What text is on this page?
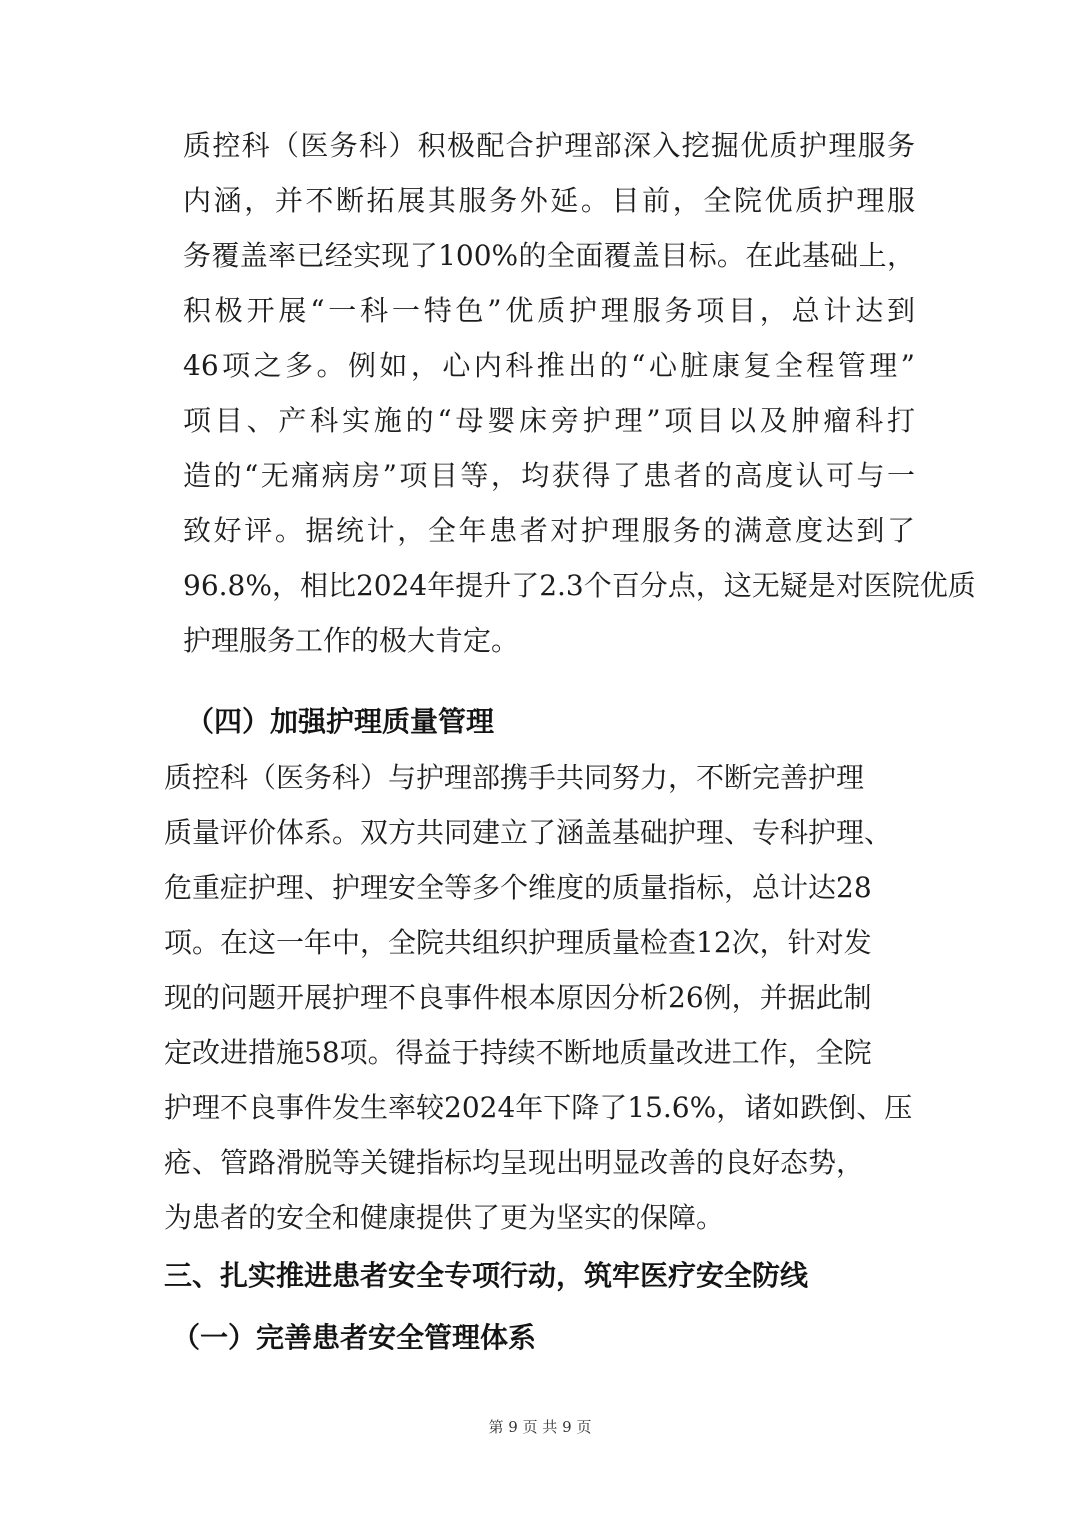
质控科（医务科）积极配合护理部深入挖掘优质护理服务
内涵，并不断拓展其服务外延。目前，全院优质护理服
务覆盖率已经实现了100%的全面覆盖目标。在此基础上，
积极开展“一科一特色”优质护理服务项目，总计达到
46项之多。例如，心内科推出的“心脏康复全程管理”
项目、产科实施的“母婴床旁护理”项目以及肿瘤科打
造的“无痛病房”项目等，均获得了患者的高度认可与一
致好评。据统计，全年患者对护理服务的满意度达到了
96.8%，相比2024年提升了2.3个百分点，这无疑是对医院优质
护理服务工作的极大肯定。
（四）加强护理质量管理
质控科（医务科）与护理部携手共同努力，不断完善护理
质量评价体系。双方共同建立了涵盖基础护理、专科护理、
危重症护理、护理安全等多个维度的质量指标，总计达28
项。在这一年中，全院共组织护理质量检查12次，针对发
现的问题开展护理不良事件根本原因分析26例，并据此制
定改进措施58项。得益于持续不断地质量改进工作，全院
护理不良事件发生率较2024年下降了15.6%，诸如跌倒、压
疮、管路滑脱等关键指标均呈现出明显改善的良好态势，
为患者的安全和健康提供了更为坚实的保障。
三、扎实推进患者安全专项行动，筑牢医疗安全防线
（一）完善患者安全管理体系
第 9 页 共 9 页
